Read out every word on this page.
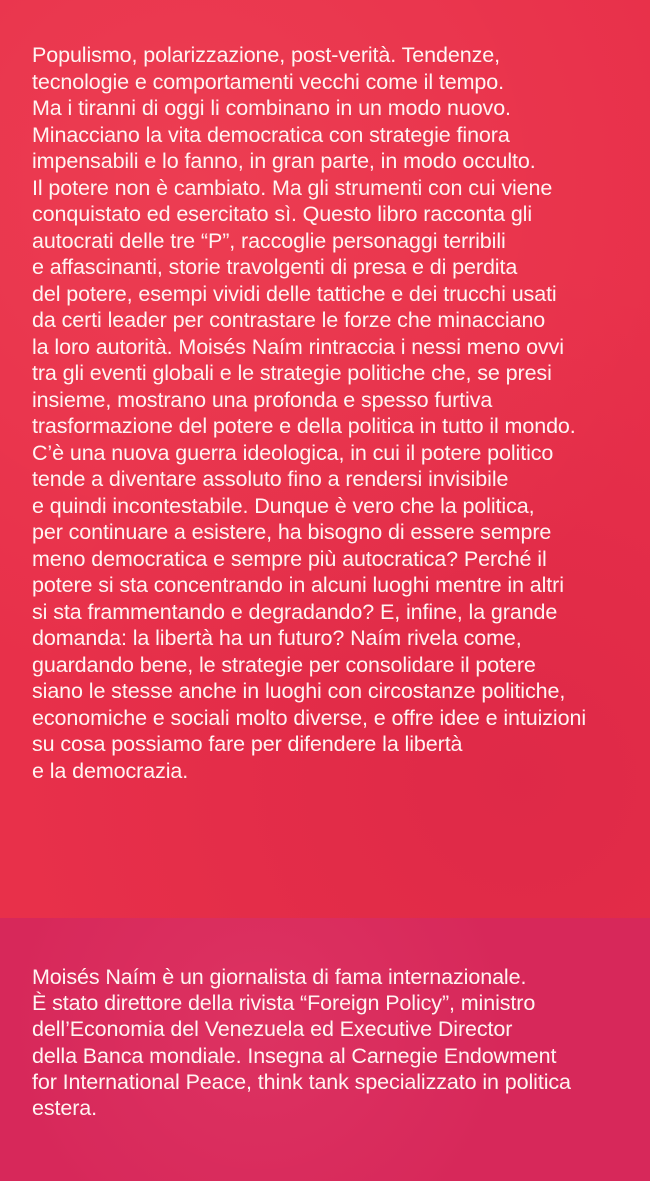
Populismo, polarizzazione, post-verità. Tendenze,
tecnologie e comportamenti vecchi come il tempo.
Ma i tiranni di oggi li combinano in un modo nuovo.
Minacciano la vita democratica con strategie finora
impensabili e lo fanno, in gran parte, in modo occulto.
Il potere non è cambiato. Ma gli strumenti con cui viene
conquistato ed esercitato sì. Questo libro racconta gli
autocrati delle tre “P”, raccoglie personaggi terribili
e affascinanti, storie travolgenti di presa e di perdita
del potere, esempi vividi delle tattiche e dei trucchi usati
da certi leader per contrastare le forze che minacciano
la loro autorità. Moisés Naím rintraccia i nessi meno ovvi
tra gli eventi globali e le strategie politiche che, se presi
insieme, mostrano una profonda e spesso furtiva
trasformazione del potere e della politica in tutto il mondo.
C’è una nuova guerra ideologica, in cui il potere politico
tende a diventare assoluto fino a rendersi invisibile
e quindi incontestabile. Dunque è vero che la politica,
per continuare a esistere, ha bisogno di essere sempre
meno democratica e sempre più autocratica? Perché il
potere si sta concentrando in alcuni luoghi mentre in altri
si sta frammentando e degradando? E, infine, la grande
domanda: la libertà ha un futuro? Naím rivela come,
guardando bene, le strategie per consolidare il potere
siano le stesse anche in luoghi con circostanze politiche,
economiche e sociali molto diverse, e offre idee e intuizioni
su cosa possiamo fare per difendere la libertà
e la democrazia.
Moisés Naím è un giornalista di fama internazionale.
È stato direttore della rivista “Foreign Policy”, ministro
dell’Economia del Venezuela ed Executive Director
della Banca mondiale. Insegna al Carnegie Endowment
for International Peace, think tank specializzato in politica
estera.
